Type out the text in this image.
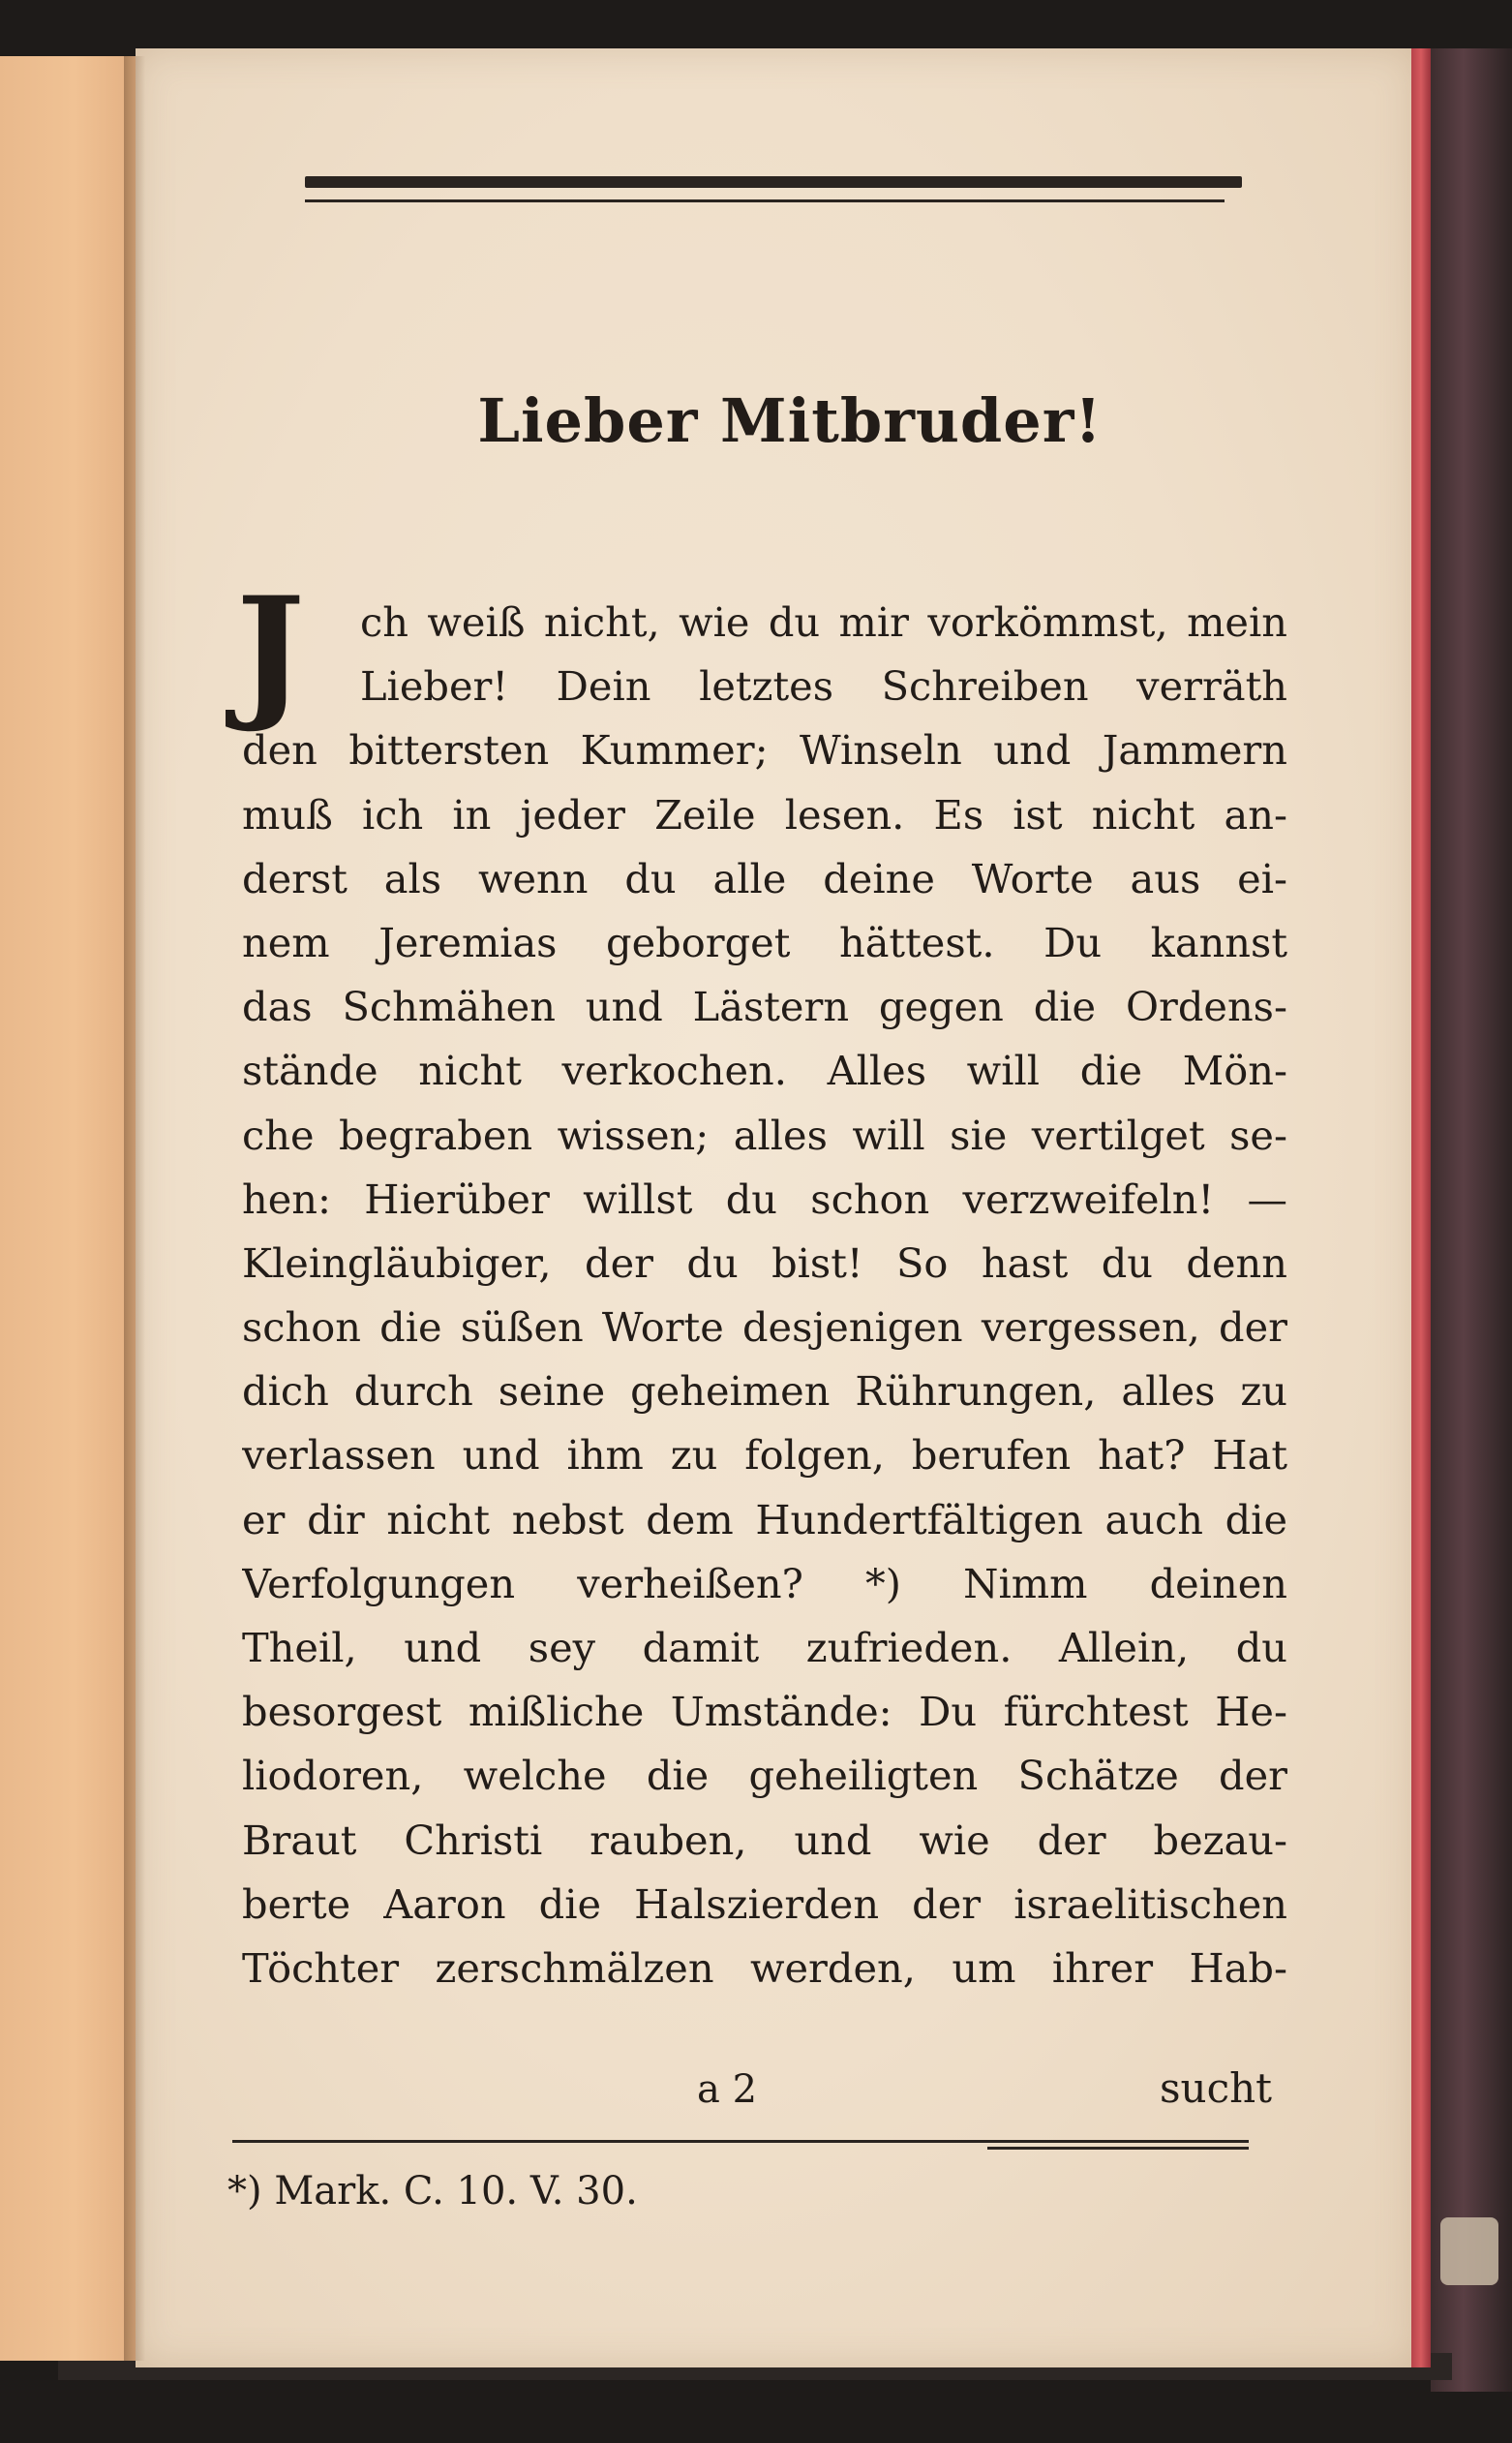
Lieber Mitbruder!
J	ch weiß nicht, wie du mir vorkömmst, mein
Lieber! Dein letztes Schreiben verräth
den bittersten Kummer; Winseln und Jammern
muß ich in jeder Zeile lesen. Es ist nicht an-
derst als wenn du alle deine Worte aus ei-
nem Jeremias geborget hättest. Du kannst
das Schmähen und Lästern gegen die Ordens-
stände nicht verkochen. Alles will die Mön-
che begraben wissen; alles will sie vertilget se-
hen: Hierüber willst du schon verzweifeln! —
Kleingläubiger, der du bist! So hast du denn
schon die süßen Worte desjenigen vergessen, der
dich durch seine geheimen Rührungen, alles zu
verlassen und ihm zu folgen, berufen hat? Hat
er dir nicht nebst dem Hundertfältigen auch die
Verfolgungen verheißen? *) Nimm deinen
Theil, und sey damit zufrieden. Allein, du
besorgest mißliche Umstände: Du fürchtest He-
liodoren, welche die geheiligten Schätze der
Braut Christi rauben, und wie der bezau-
berte Aaron die Halszierden der israelitischen
Töchter zerschmälzen werden, um ihrer Hab-
a 2	sucht
*) Mark. C. 10. V. 30.
